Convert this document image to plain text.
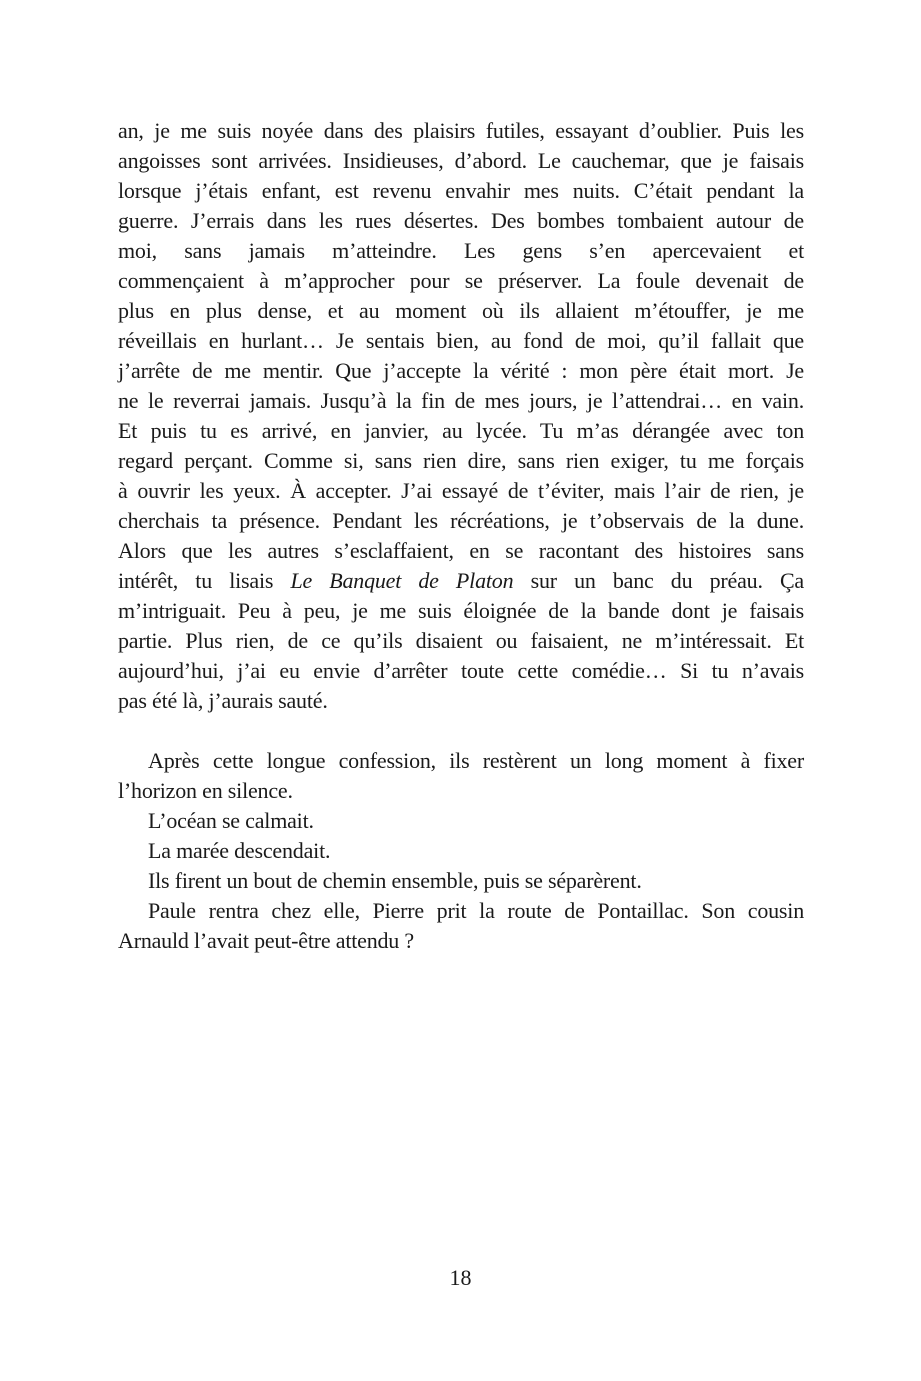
an, je me suis noyée dans des plaisirs futiles, essayant d’oublier. Puis les
angoisses sont arrivées. Insidieuses, d’abord. Le cauchemar, que je faisais
lorsque j’étais enfant, est revenu envahir mes nuits. C’était pendant la
guerre. J’errais dans les rues désertes. Des bombes tombaient autour de
moi, sans jamais m’atteindre. Les gens s’en apercevaient et
commençaient à m’approcher pour se préserver. La foule devenait de
plus en plus dense, et au moment où ils allaient m’étouffer, je me
réveillais en hurlant… Je sentais bien, au fond de moi, qu’il fallait que
j’arrête de me mentir. Que j’accepte la vérité : mon père était mort. Je
ne le reverrai jamais. Jusqu’à la fin de mes jours, je l’attendrai… en vain.
Et puis tu es arrivé, en janvier, au lycée. Tu m’as dérangée avec ton
regard perçant. Comme si, sans rien dire, sans rien exiger, tu me forçais
à ouvrir les yeux. À accepter. J’ai essayé de t’éviter, mais l’air de rien, je
cherchais ta présence. Pendant les récréations, je t’observais de la dune.
Alors que les autres s’esclaffaient, en se racontant des histoires sans
intérêt, tu lisais Le Banquet de Platon sur un banc du préau. Ça
m’intriguait. Peu à peu, je me suis éloignée de la bande dont je faisais
partie. Plus rien, de ce qu’ils disaient ou faisaient, ne m’intéressait. Et
aujourd’hui, j’ai eu envie d’arrêter toute cette comédie… Si tu n’avais
pas été là, j’aurais sauté.
Après cette longue confession, ils restèrent un long moment à fixer
l’horizon en silence.
L’océan se calmait.
La marée descendait.
Ils firent un bout de chemin ensemble, puis se séparèrent.
Paule rentra chez elle, Pierre prit la route de Pontaillac. Son cousin
Arnauld l’avait peut-être attendu ?
18
